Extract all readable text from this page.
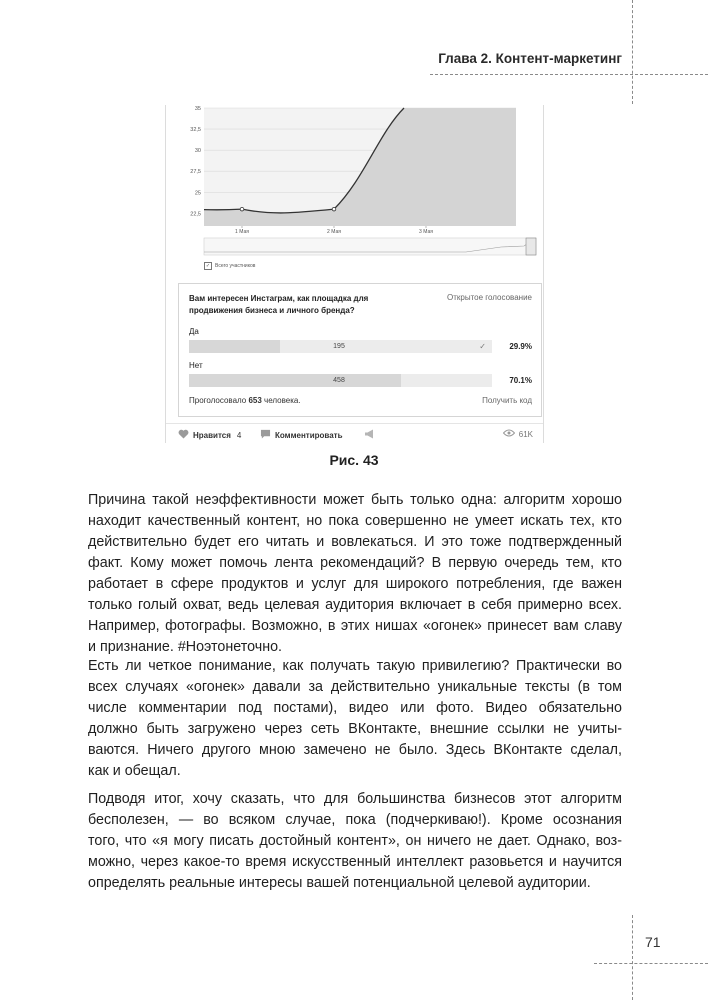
Глава 2. Контент-маркетинг
35
32,5
30
27,5
25
22,5
1 Мая	2 Мая	3 Мая
✓ Всего участников
Вам интересен Инстаграм, как площадка для продвижения бизнеса и личного бренда?
Открытое голосование
Да
195	✓	29.9%
Нет
458	70.1%
Проголосовало 653 человека.	Получить код
Нравится 4	Комментировать	61K
Рис. 43
Причина такой неэффективности может быть только одна: алгоритм хорошо
находит качественный контент, но пока совершенно не умеет искать тех, кто
действительно будет его читать и вовлекаться. И это тоже подтвержденный
факт. Кому может помочь лента рекомендаций? В первую очередь тем, кто
работает в сфере продуктов и услуг для широкого потребления, где важен
только голый охват, ведь целевая аудитория включает в себя примерно всех.
Например, фотографы. Возможно, в этих нишах «огонек» принесет вам славу
и признание. #Ноэтонеточно.
Есть ли четкое понимание, как получать такую привилегию? Практически во
всех случаях «огонек» давали за действительно уникальные тексты (в том
числе комментарии под постами), видео или фото. Видео обязательно
должно быть загружено через сеть ВКонтакте, внешние ссылки не учиты-
ваются. Ничего другого мною замечено не было. Здесь ВКонтакте сделал,
как и обещал.
Подводя итог, хочу сказать, что для большинства бизнесов этот алгоритм
бесполезен, — во всяком случае, пока (подчеркиваю!). Кроме осознания
того, что «я могу писать достойный контент», он ничего не дает. Однако, воз-
можно, через какое-то время искусственный интеллект разовьется и научится
определять реальные интересы вашей потенциальной целевой аудитории.
71
